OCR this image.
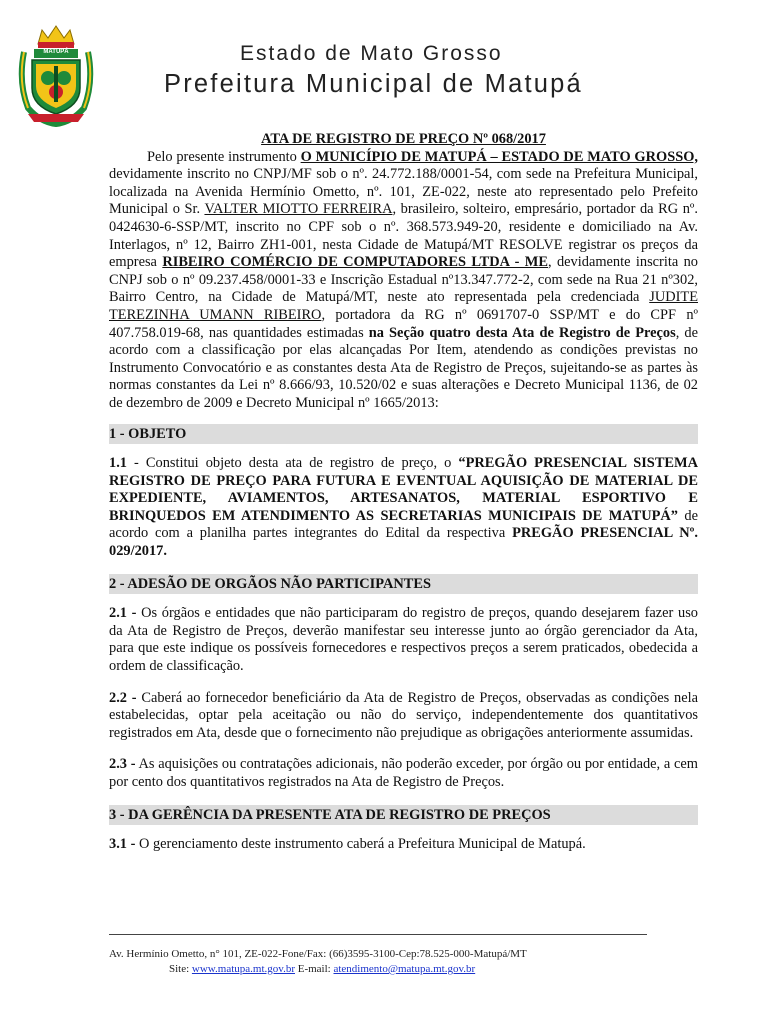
MATUPÁ	Estado de Mato Grosso
Prefeitura Municipal de Matupá
ATA DE REGISTRO DE PREÇO Nº 068/2017

Pelo presente instrumento O MUNICÍPIO DE MATUPÁ – ESTADO DE MATO GROSSO, devidamente inscrito no CNPJ/MF sob o nº. 24.772.188/0001-54, com sede na Prefeitura Municipal, localizada na Avenida Hermínio Ometto, nº. 101, ZE-022, neste ato representado pelo Prefeito Municipal o Sr. VALTER MIOTTO FERREIRA, brasileiro, solteiro, empresário, portador da RG nº. 0424630-6-SSP/MT, inscrito no CPF sob o nº. 368.573.949-20, residente e domiciliado na Av. Interlagos, nº 12, Bairro ZH1-001, nesta Cidade de Matupá/MT RESOLVE registrar os preços da empresa RIBEIRO COMÉRCIO DE COMPUTADORES LTDA - ME, devidamente inscrita no CNPJ sob o nº 09.237.458/0001-33 e Inscrição Estadual nº13.347.772-2, com sede na Rua 21 nº302, Bairro Centro, na Cidade de Matupá/MT, neste ato representada pela credenciada JUDITE TEREZINHA UMANN RIBEIRO, portadora da RG nº 0691707-0 SSP/MT e do CPF nº 407.758.019-68, nas quantidades estimadas na Seção quatro desta Ata de Registro de Preços, de acordo com a classificação por elas alcançadas Por Item, atendendo as condições previstas no Instrumento Convocatório e as constantes desta Ata de Registro de Preços, sujeitando-se as partes às normas constantes da Lei nº 8.666/93, 10.520/02 e suas alterações e Decreto Municipal 1136, de 02 de dezembro de 2009 e Decreto Municipal nº 1665/2013:

1 - OBJETO

1.1 - Constitui objeto desta ata de registro de preço, o “PREGÃO PRESENCIAL SISTEMA REGISTRO DE PREÇO PARA FUTURA E EVENTUAL AQUISIÇÃO DE MATERIAL DE EXPEDIENTE, AVIAMENTOS, ARTESANATOS, MATERIAL ESPORTIVO E BRINQUEDOS EM ATENDIMENTO AS SECRETARIAS MUNICIPAIS DE MATUPÁ” de acordo com a planilha partes integrantes do Edital da respectiva PREGÃO PRESENCIAL Nº. 029/2017.

2 - ADESÃO DE ORGÃOS NÃO PARTICIPANTES

2.1 - Os órgãos e entidades que não participaram do registro de preços, quando desejarem fazer uso da Ata de Registro de Preços, deverão manifestar seu interesse junto ao órgão gerenciador da Ata, para que este indique os possíveis fornecedores e respectivos preços a serem praticados, obedecida a ordem de classificação.

2.2 - Caberá ao fornecedor beneficiário da Ata de Registro de Preços, observadas as condições nela estabelecidas, optar pela aceitação ou não do serviço, independentemente dos quantitativos registrados em Ata, desde que o fornecimento não prejudique as obrigações anteriormente assumidas.

2.3 - As aquisições ou contratações adicionais, não poderão exceder, por órgão ou por entidade, a cem por cento dos quantitativos registrados na Ata de Registro de Preços.

3 - DA GERÊNCIA DA PRESENTE ATA DE REGISTRO DE PREÇOS

3.1 - O gerenciamento deste instrumento caberá a Prefeitura Municipal de Matupá.

Av. Hermínio Ometto, n° 101, ZE-022-Fone/Fax: (66)3595-3100-Cep:78.525-000-Matupá/MT
Site: www.matupa.mt.gov.br E-mail: atendimento@matupa.mt.gov.br
